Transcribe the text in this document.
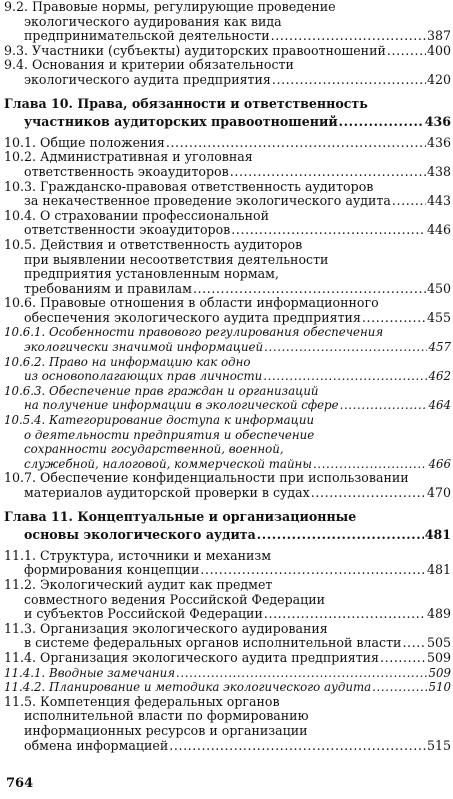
9.2. Правовые нормы, регулирующие проведение
экологического аудирования как вида
предпринимательской деятельности .....	387
9.3. Участники (субъекты) аудиторских правоотношений .....	400
9.4. Основания и критерии обязательности
экологического аудита предприятия .....	420
Глава 10. Права, обязанности и ответственность
участников аудиторских правоотношений .....	436
10.1. Общие положения .....	436
10.2. Административная и уголовная
ответственность экоаудиторов .....	438
10.3. Гражданско-правовая ответственность аудиторов
за некачественное проведение экологического аудита .....	443
10.4. О страховании профессиональной
ответственности экоаудиторов .....	446
10.5. Действия и ответственность аудиторов
при выявлении несоответствия деятельности
предприятия установленным нормам,
требованиям и правилам .....	450
10.6. Правовые отношения в области информационного
обеспечения экологического аудита предприятия .....	455
10.6.1. Особенности правового регулирования обеспечения
экологически значимой информацией .....	457
10.6.2. Право на информацию как одно
из основополагающих прав личности .....	462
10.6.3. Обеспечение прав граждан и организаций
на получение информации в экологической сфере .....	464
10.5.4. Категорирование доступа к информации
о деятельности предприятия и обеспечение
сохранности государственной, военной,
служебной, налоговой, коммерческой тайны .....	466
10.7. Обеспечение конфиденциальности при использовании
материалов аудиторской проверки в судах .....	470
Глава 11. Концептуальные и организационные
основы экологического аудита .....	481
11.1. Структура, источники и механизм
формирования концепции .....	481
11.2. Экологический аудит как предмет
совместного ведения Российской Федерации
и субъектов Российской Федерации .....	489
11.3. Организация экологического аудирования
в системе федеральных органов исполнительной власти ..... 505
11.4. Организация экологического аудита предприятия .....	509
11.4.1. Вводные замечания .....	509
11.4.2. Планирование и методика экологического аудита .....	510
11.5. Компетенция федеральных органов
исполнительной власти по формированию
информационных ресурсов и организации
обмена информацией .....	515
764
